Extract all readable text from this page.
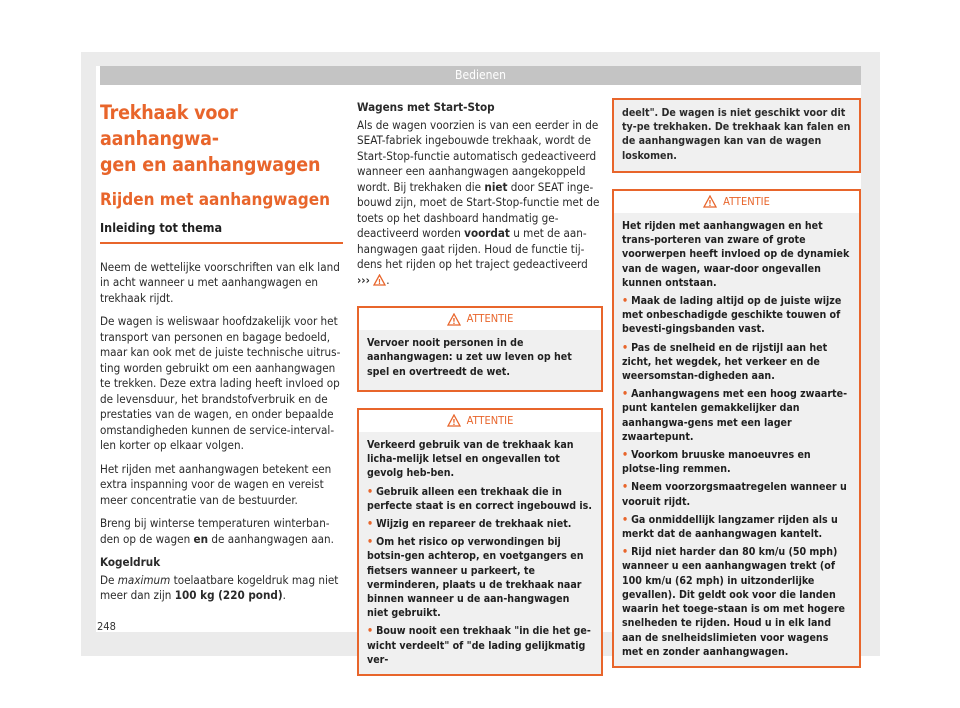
Bedienen
Trekhaak voor aanhangwa-
gen en aanhangwagen
Rijden met aanhangwagen
Inleiding tot thema

Neem de wettelijke voorschriften van elk land in acht wanneer u met aanhangwagen en trekhaak rijdt.

De wagen is weliswaar hoofdzakelijk voor het transport van personen en bagage bedoeld, maar kan ook met de juiste technische uitrus-ting worden gebruikt om een aanhangwagen te trekken. Deze extra lading heeft invloed op de levensduur, het brandstofverbruik en de prestaties van de wagen, en onder bepaalde omstandigheden kunnen de service-interval-len korter op elkaar volgen.

Het rijden met aanhangwagen betekent een extra inspanning voor de wagen en vereist meer concentratie van de bestuurder.

Breng bij winterse temperaturen winterban-den op de wagen en de aanhangwagen aan.

Kogeldruk

De maximum toelaatbare kogeldruk mag niet meer dan zijn 100 kg (220 pond).

Wagens met Start-Stop

Als de wagen voorzien is van een eerder in de SEAT-fabriek ingebouwde trekhaak, wordt de Start-Stop-functie automatisch gedeactiveerd wanneer een aanhangwagen aangekoppeld wordt. Bij trekhaken die niet door SEAT inge-bouwd zijn, moet de Start-Stop-functie met de toets op het dashboard handmatig ge-deactiveerd worden voordat u met de aan-hangwagen gaat rijden. Houd de functie tij-dens het rijden op het traject gedeactiveerd
››› ! .

! ATTENTIE
Vervoer nooit personen in de aanhangwagen: u zet uw leven op het spel en overtreedt de wet.
! ATTENTIE
Verkeerd gebruik van de trekhaak kan licha-melijk letsel en ongevallen tot gevolg heb-ben.
• Gebruik alleen een trekhaak die in perfecte staat is en correct ingebouwd is.
• Wijzig en repareer de trekhaak niet.
• Om het risico op verwondingen bij botsin-gen achterop, en voetgangers en fietsers wanneer u parkeert, te verminderen, plaats u de trekhaak naar binnen wanneer u de aan-hangwagen niet gebruikt.
• Bouw nooit een trekhaak "in die het ge-wicht verdeelt" of "de lading gelijkmatig ver-
deelt". De wagen is niet geschikt voor dit ty-pe trekhaken. De trekhaak kan falen en de aanhangwagen kan van de wagen loskomen.
! ATTENTIE
Het rijden met aanhangwagen en het trans-porteren van zware of grote voorwerpen heeft invloed op de dynamiek van de wagen, waar-door ongevallen kunnen ontstaan.
• Maak de lading altijd op de juiste wijze met onbeschadigde geschikte touwen of bevesti-gingsbanden vast.
• Pas de snelheid en de rijstijl aan het zicht, het wegdek, het verkeer en de weersomstan-digheden aan.
• Aanhangwagens met een hoog zwaarte-punt kantelen gemakkelijker dan aanhangwa-gens met een lager zwaartepunt.
• Voorkom bruuske manoeuvres en plotse-ling remmen.
• Neem voorzorgsmaatregelen wanneer u vooruit rijdt.
• Ga onmiddellijk langzamer rijden als u merkt dat de aanhangwagen kantelt.
• Rijd niet harder dan 80 km/u (50 mph) wanneer u een aanhangwagen trekt (of 100 km/u (62 mph) in uitzonderlijke gevallen). Dit geldt ook voor die landen waarin het toege-staan is om met hogere snelheden te rijden. Houd u in elk land aan de snelheidslimieten voor wagens met en zonder aanhangwagen.
248
